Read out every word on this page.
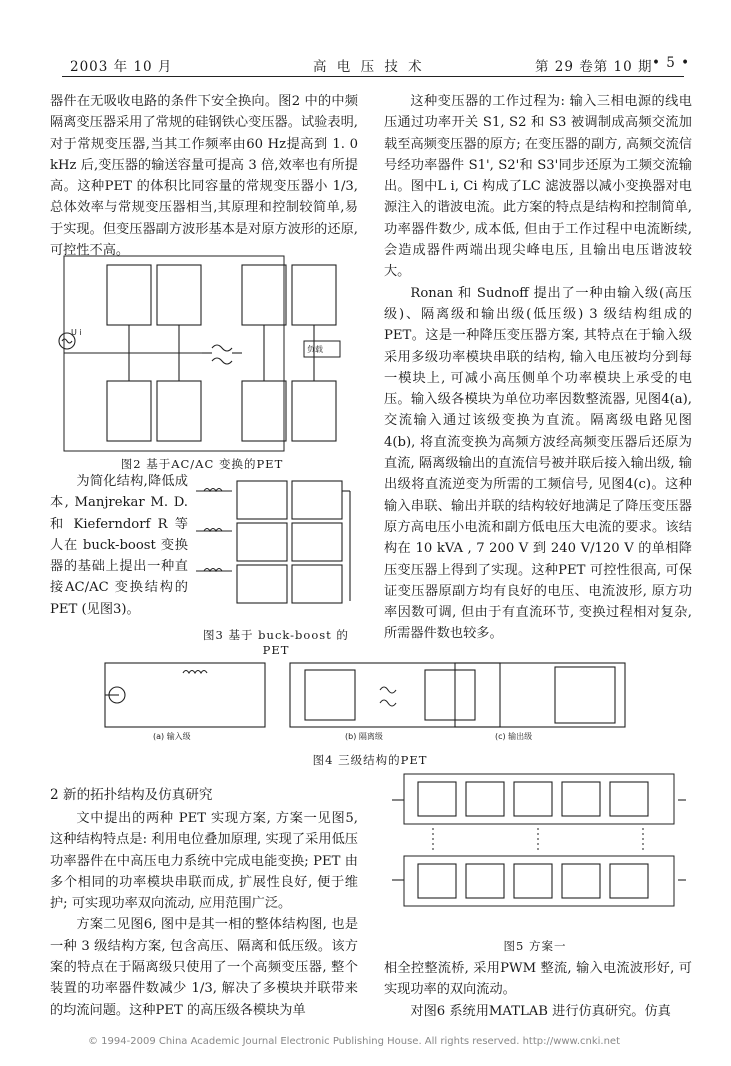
2003 年 10 月	高 电 压 技 术	第 29 卷第 10 期 • 5 •

器件在无吸收电路的条件下安全换向。图2 中的中频隔离变压器采用了常规的硅钢铁心变压器。试验表明,对于常规变压器,当其工作频率由60 Hz提高到 1. 0 kHz 后,变压器的输送容量可提高 3 倍,效率也有所提高。这种PET 的体积比同容量的常规变压器小 1/3, 总体效率与常规变压器相当,其原理和控制较简单,易于实现。但变压器副方波形基本是对原方波形的还原,可控性不高。

U i
负载
图2 基于AC/AC 变换的PET

为简化结构,降低成本, Manjrekar M. D. 和 Kieferndorf R 等人在 buck-boost 变换器的基础上提出一种直接AC/AC 变换结构的PET (见图3)。

图3 基于 buck-boost 的PET

这种变压器的工作过程为: 输入三相电源的线电压通过功率开关 S1, S2 和 S3 被调制成高频交流加载至高频变压器的原方; 在变压器的副方, 高频交流信号经功率器件 S1', S2'和 S3'同步还原为工频交流输出。图中L i, Ci 构成了LC 滤波器以减小变换器对电源注入的谐波电流。此方案的特点是结构和控制简单, 功率器件数少, 成本低, 但由于工作过程中电流断续, 会造成器件两端出现尖峰电压, 且输出电压谐波较大。

Ronan 和 Sudnoff 提出了一种由输入级(高压级)、隔离级和输出级(低压级) 3 级结构组成的PET。这是一种降压变压器方案, 其特点在于输入级采用多级功率模块串联的结构, 输入电压被均分到每一模块上, 可减小高压侧单个功率模块上承受的电压。输入级各模块为单位功率因数整流器, 见图4(a), 交流输入通过该级变换为直流。隔离级电路见图 4(b), 将直流变换为高频方波经高频变压器后还原为直流, 隔离级输出的直流信号被并联后接入输出级, 输出级将直流逆变为所需的工频信号, 见图4(c)。这种输入串联、输出并联的结构较好地满足了降压变压器原方高电压小电流和副方低电压大电流的要求。该结构在 10 kVA , 7 200 V 到 240 V/120 V 的单相降压变压器上得到了实现。这种PET 可控性很高, 可保证变压器原副方均有良好的电压、电流波形, 原方功率因数可调, 但由于有直流环节, 变换过程相对复杂, 所需器件数也较多。

(a) 输入级	(b) 隔离级	(c) 输出级
图4 三级结构的PET
2 新的拓扑结构及仿真研究

文中提出的两种 PET 实现方案, 方案一见图5, 这种结构特点是: 利用电位叠加原理, 实现了采用低压功率器件在中高压电力系统中完成电能变换; PET 由多个相同的功率模块串联而成, 扩展性良好, 便于维护; 可实现功率双向流动, 应用范围广泛。

方案二见图6, 图中是其一相的整体结构图, 也是一种 3 级结构方案, 包含高压、隔离和低压级。该方案的特点在于隔离级只使用了一个高频变压器, 整个装置的功率器件数减少 1/3, 解决了多模块并联带来的均流问题。这种PET 的高压级各模块为单

图5 方案一

相全控整流桥, 采用PWM 整流, 输入电流波形好, 可实现功率的双向流动。

对图6 系统用MATLAB 进行仿真研究。仿真

© 1994-2009 China Academic Journal Electronic Publishing House. All rights reserved. http://www.cnki.net
